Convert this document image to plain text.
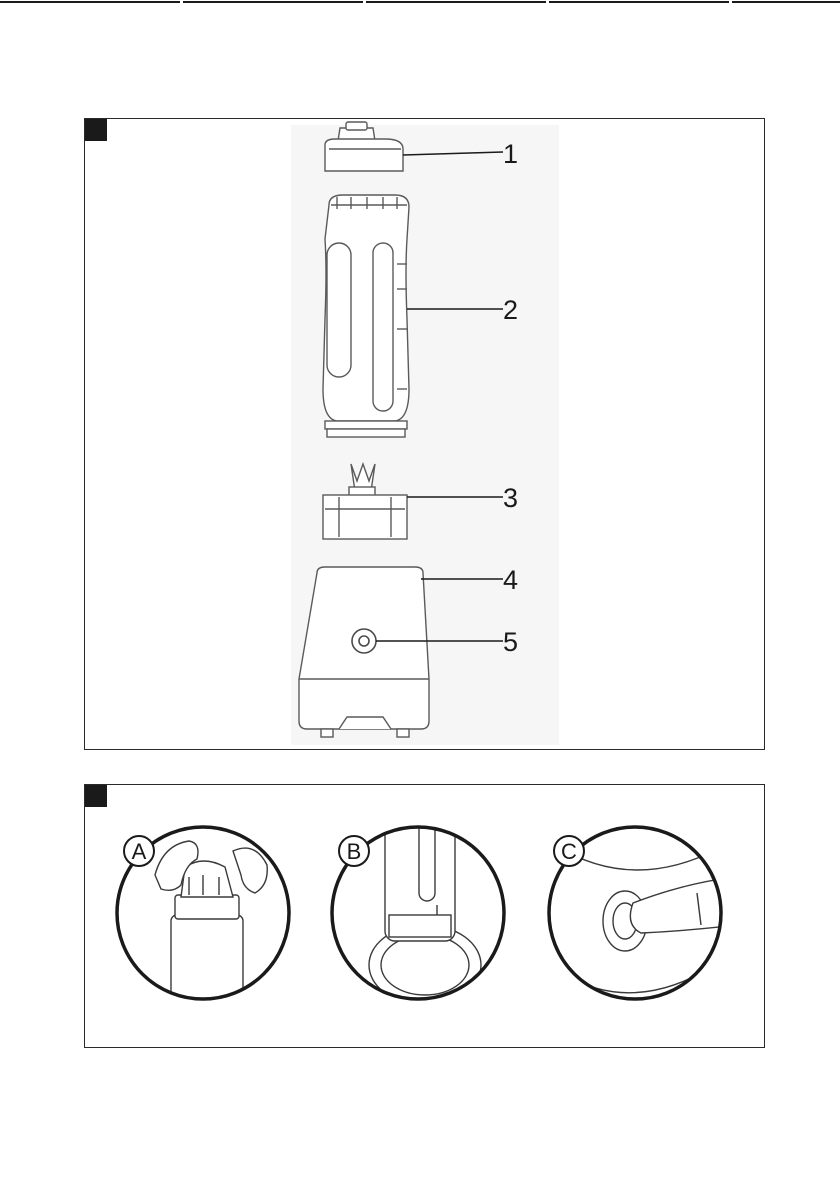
1
2
3
4
5
A	B	C
